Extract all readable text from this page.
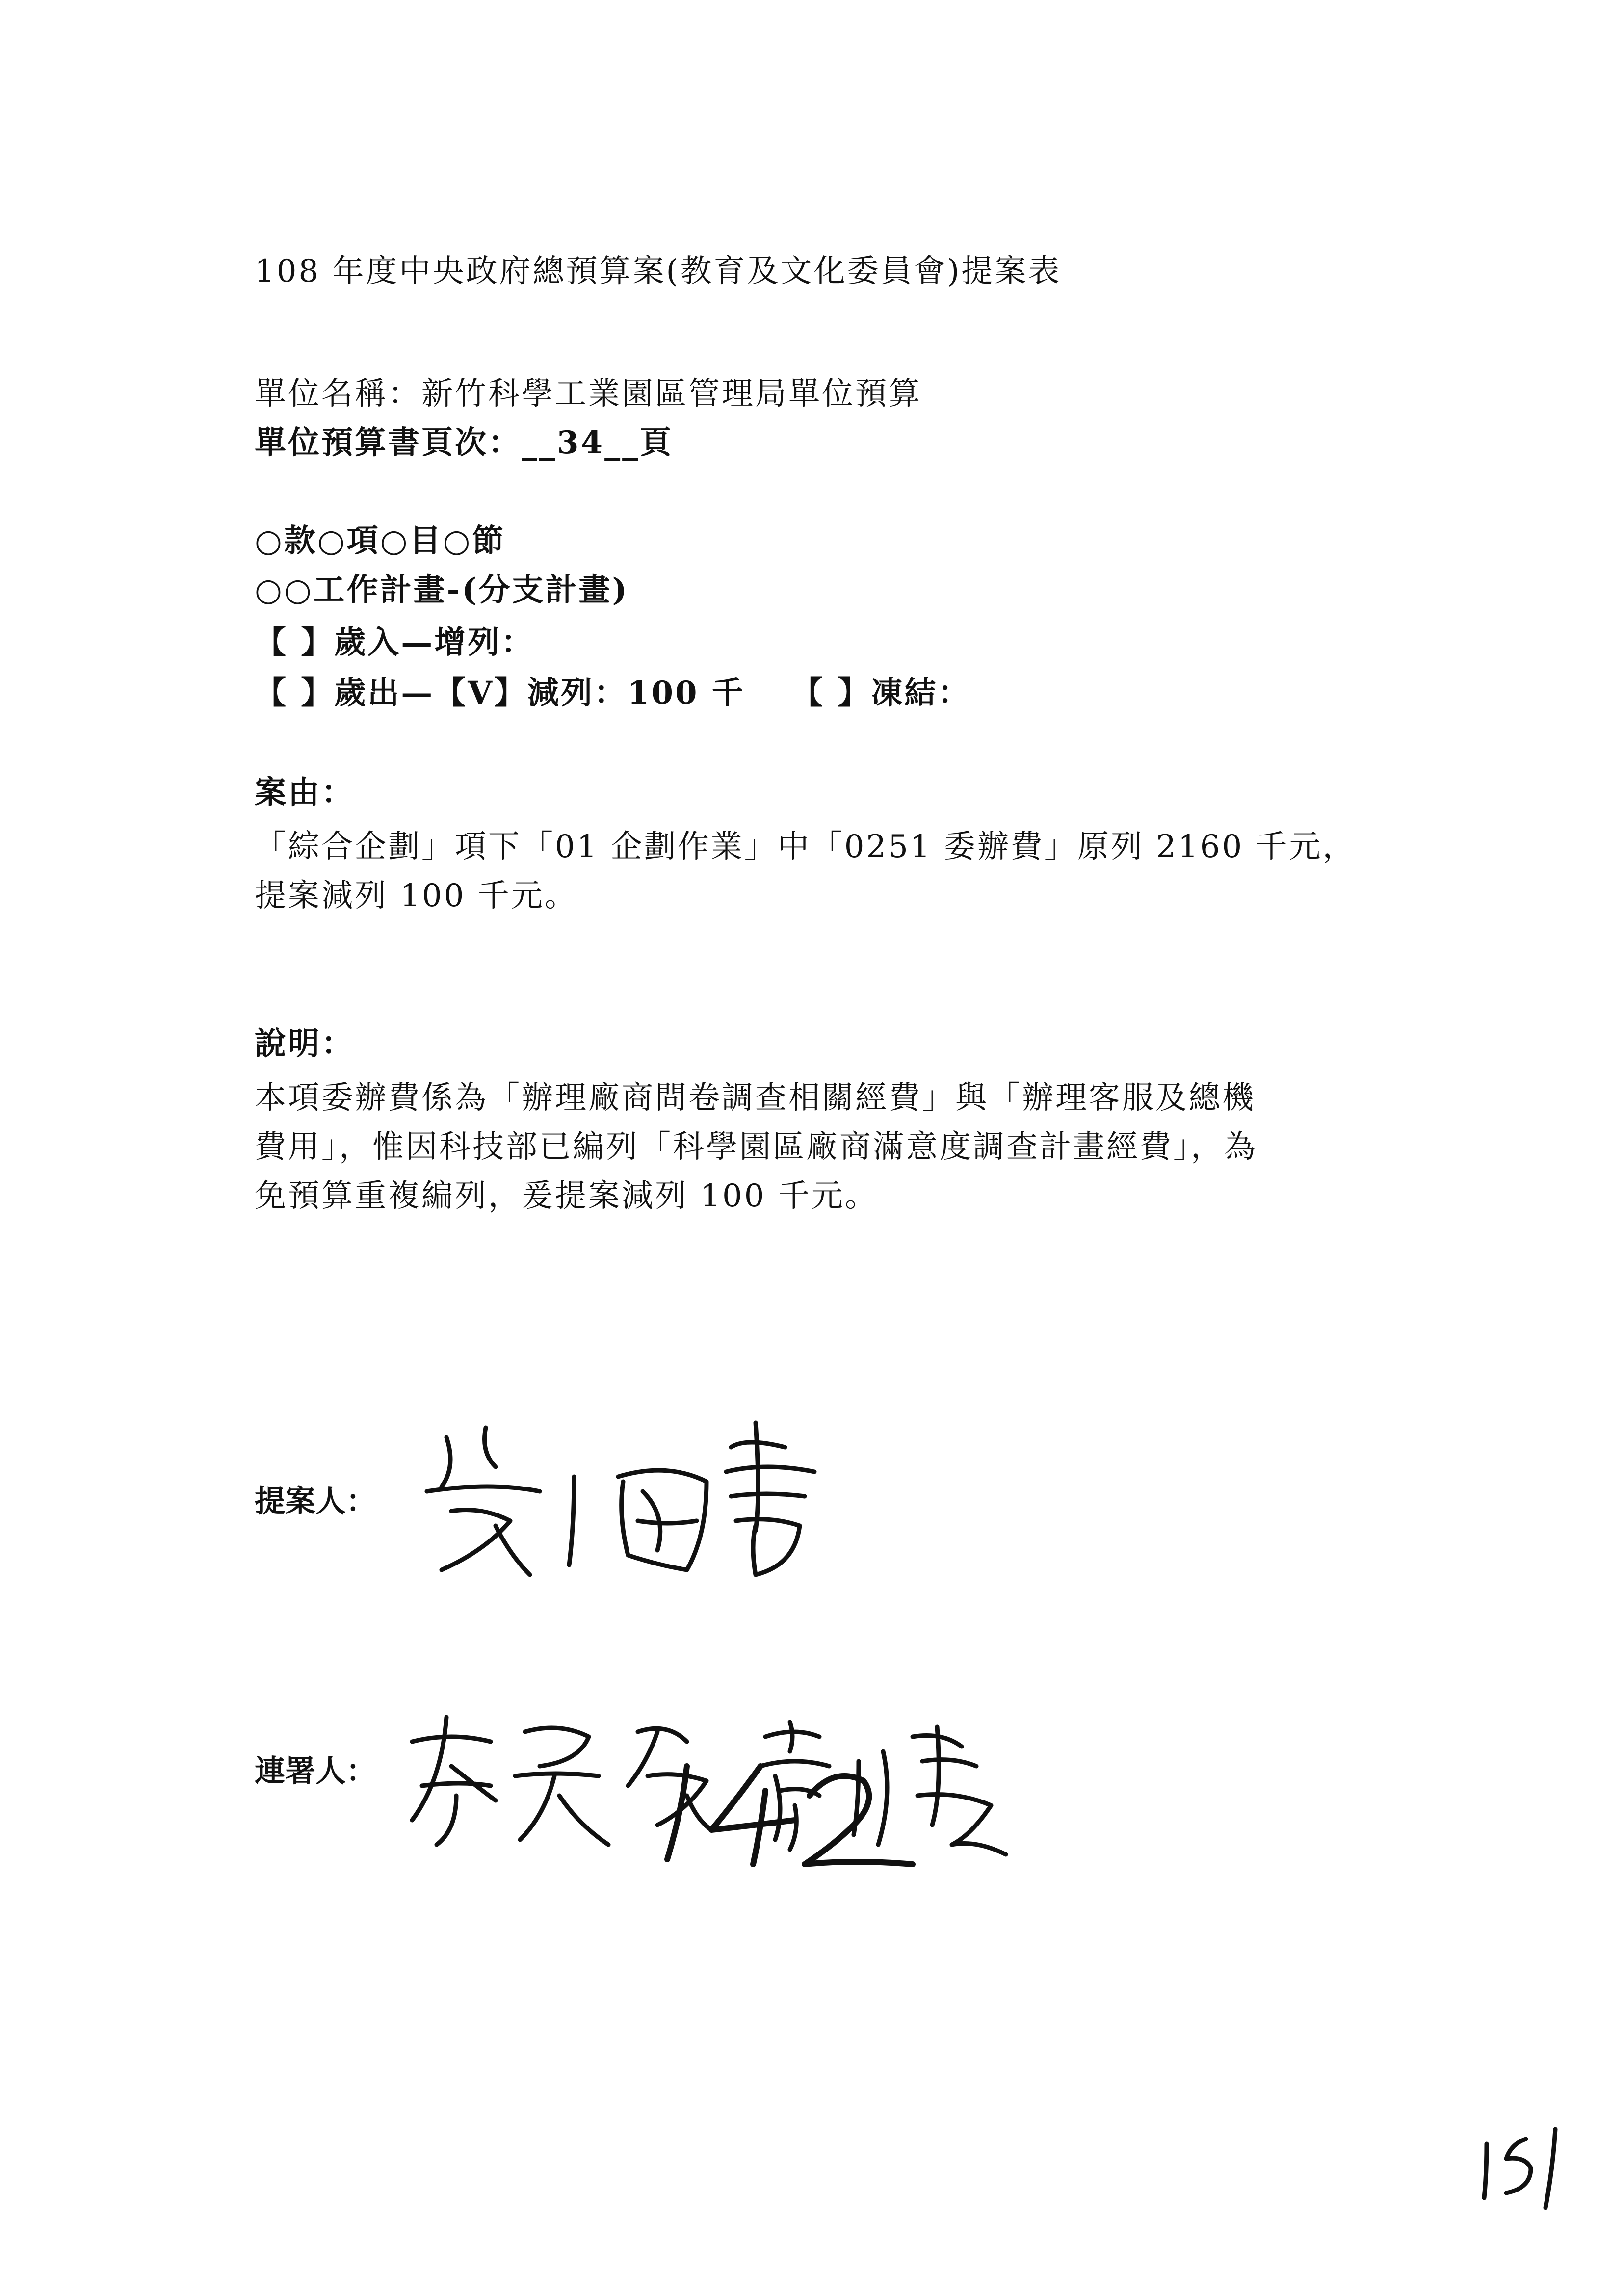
108 年度中央政府總預算案(教育及文化委員會)提案表
單位名稱：新竹科學工業園區管理局單位預算
單位預算書頁次：__34__頁
○款○項○目○節
○○工作計畫-(分支計畫)
【 】歲入—增列：
【 】歲出—【V】減列：100 千　 【 】凍結：
案由：
「綜合企劃」項下「01 企劃作業」中「0251 委辦費」原列 2160 千元，
提案減列 100 千元。
說明：
本項委辦費係為「辦理廠商問卷調查相關經費」與「辦理客服及總機
費用」，惟因科技部已編列「科學園區廠商滿意度調查計畫經費」，為
免預算重複編列，爰提案減列 100 千元。
提案人：
連署人：
